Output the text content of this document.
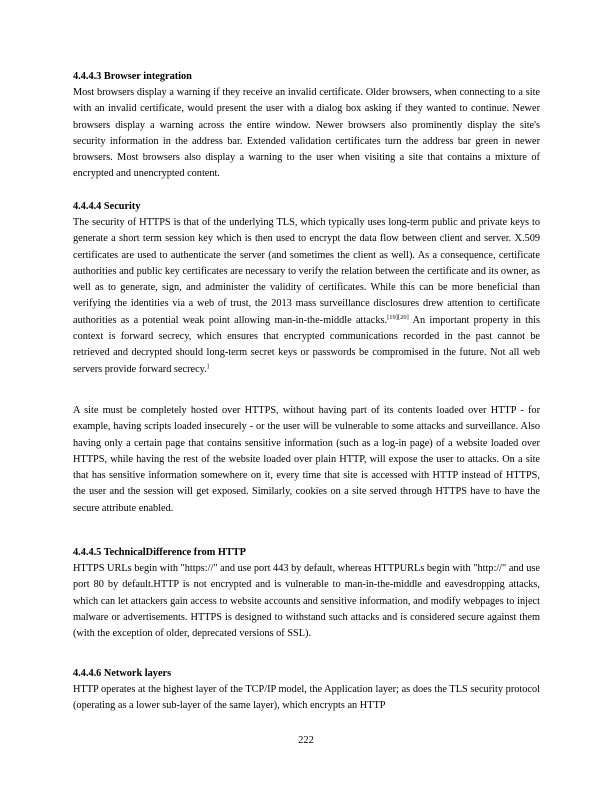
4.4.4.3 Browser integration

Most browsers display a warning if they receive an invalid certificate. Older browsers, when connecting to a site with an invalid certificate, would present the user with a dialog box asking if they wanted to continue. Newer browsers display a warning across the entire window. Newer browsers also prominently display the site's security information in the address bar. Extended validation certificates turn the address bar green in newer browsers. Most browsers also display a warning to the user when visiting a site that contains a mixture of encrypted and unencrypted content.

4.4.4.4 Security

The security of HTTPS is that of the underlying TLS, which typically uses long-term public and private keys to generate a short term session key which is then used to encrypt the data flow between client and server. X.509 certificates are used to authenticate the server (and sometimes the client as well). As a consequence, certificate authorities and public key certificates are necessary to verify the relation between the certificate and its owner, as well as to generate, sign, and administer the validity of certificates. While this can be more beneficial than verifying the identities via a web of trust, the 2013 mass surveillance disclosures drew attention to certificate authorities as a potential weak point allowing man-in-the-middle attacks.[19][20] An important property in this context is forward secrecy, which ensures that encrypted communications recorded in the past cannot be retrieved and decrypted should long-term secret keys or passwords be compromised in the future. Not all web servers provide forward secrecy.]

A site must be completely hosted over HTTPS, without having part of its contents loaded over HTTP - for example, having scripts loaded insecurely - or the user will be vulnerable to some attacks and surveillance. Also having only a certain page that contains sensitive information (such as a log-in page) of a website loaded over HTTPS, while having the rest of the website loaded over plain HTTP, will expose the user to attacks. On a site that has sensitive information somewhere on it, every time that site is accessed with HTTP instead of HTTPS, the user and the session will get exposed. Similarly, cookies on a site served through HTTPS have to have the secure attribute enabled.

4.4.4.5 TechnicalDifference from HTTP

HTTPS URLs begin with "https://" and use port 443 by default, whereas HTTPURLs begin with "http://" and use port 80 by default.HTTP is not encrypted and is vulnerable to man-in-the-middle and eavesdropping attacks, which can let attackers gain access to website accounts and sensitive information, and modify webpages to inject malware or advertisements. HTTPS is designed to withstand such attacks and is considered secure against them (with the exception of older, deprecated versions of SSL).

4.4.4.6 Network layers

HTTP operates at the highest layer of the TCP/IP model, the Application layer; as does the TLS security protocol (operating as a lower sub-layer of the same layer), which encrypts an HTTP

222
